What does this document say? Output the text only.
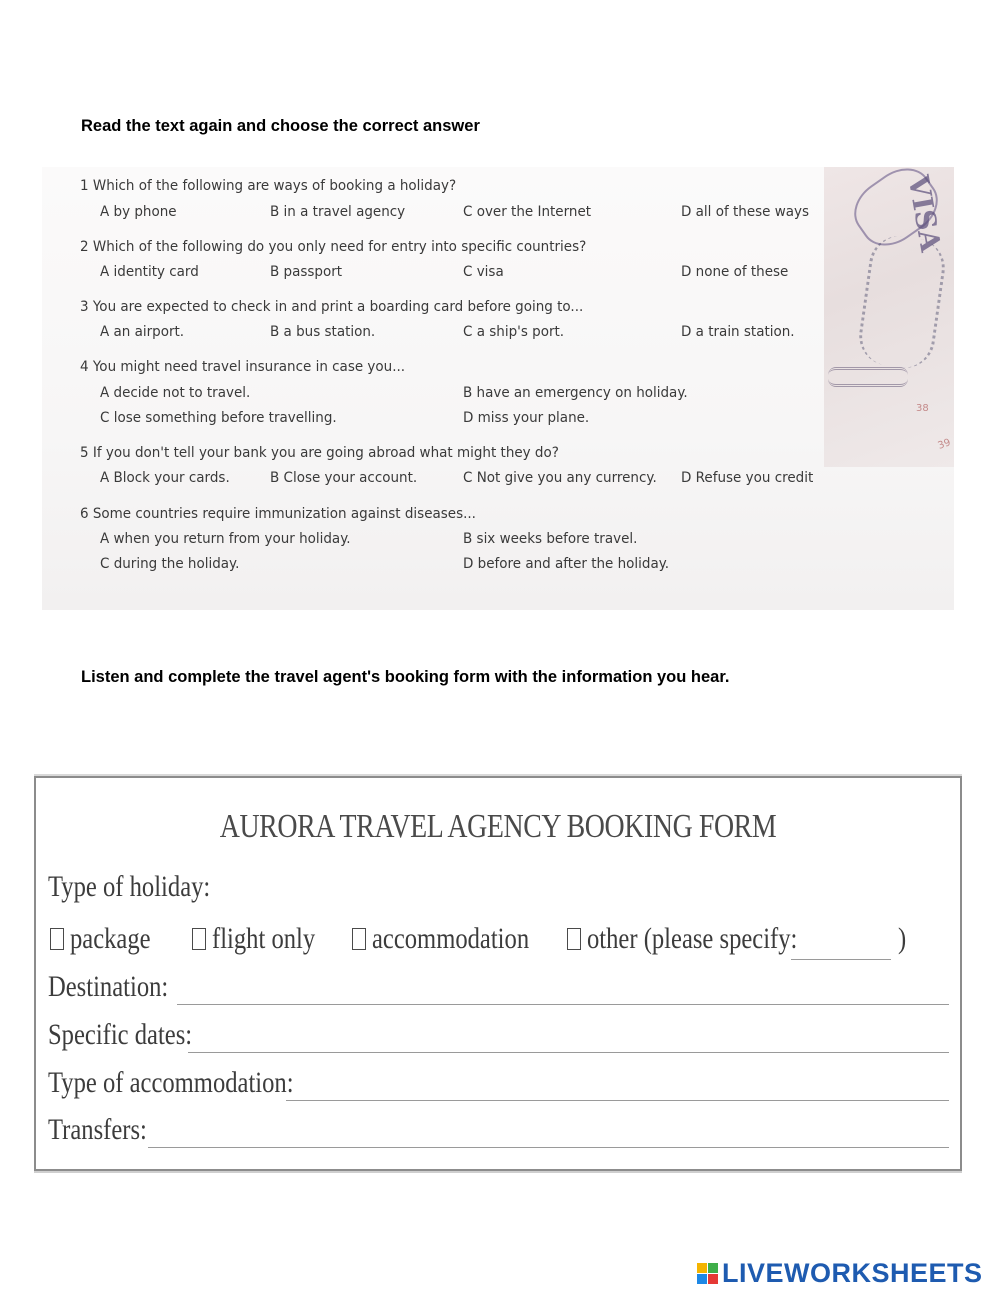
Read the text again and choose the correct answer
VISA
38
39
1 Which of the following are ways of booking a holiday?
A by phone	B in a travel agency	C over the Internet	D all of these ways
2 Which of the following do you only need for entry into specific countries?
A identity card	B passport	C visa	D none of these
3 You are expected to check in and print a boarding card before going to...
A an airport.	B a bus station.	C a ship's port.	D a train station.
4 You might need travel insurance in case you...
A decide not to travel.	B have an emergency on holiday.
C lose something before travelling.	D miss your plane.
5 If you don't tell your bank you are going abroad what might they do?
A Block your cards.	B Close your account.	C Not give you any currency. D Refuse you credit
6 Some countries require immunization against diseases...
A when you return from your holiday.	B six weeks before travel.
C during the holiday.	D before and after the holiday.
Listen and complete the travel agent's booking form with the information you hear.
AURORA TRAVEL AGENCY BOOKING FORM
Type of holiday:
package flight only accommodation other (please specify:	)
Destination:
Specific dates:
Type of accommodation:
Transfers:
LIVEWORKSHEETS
